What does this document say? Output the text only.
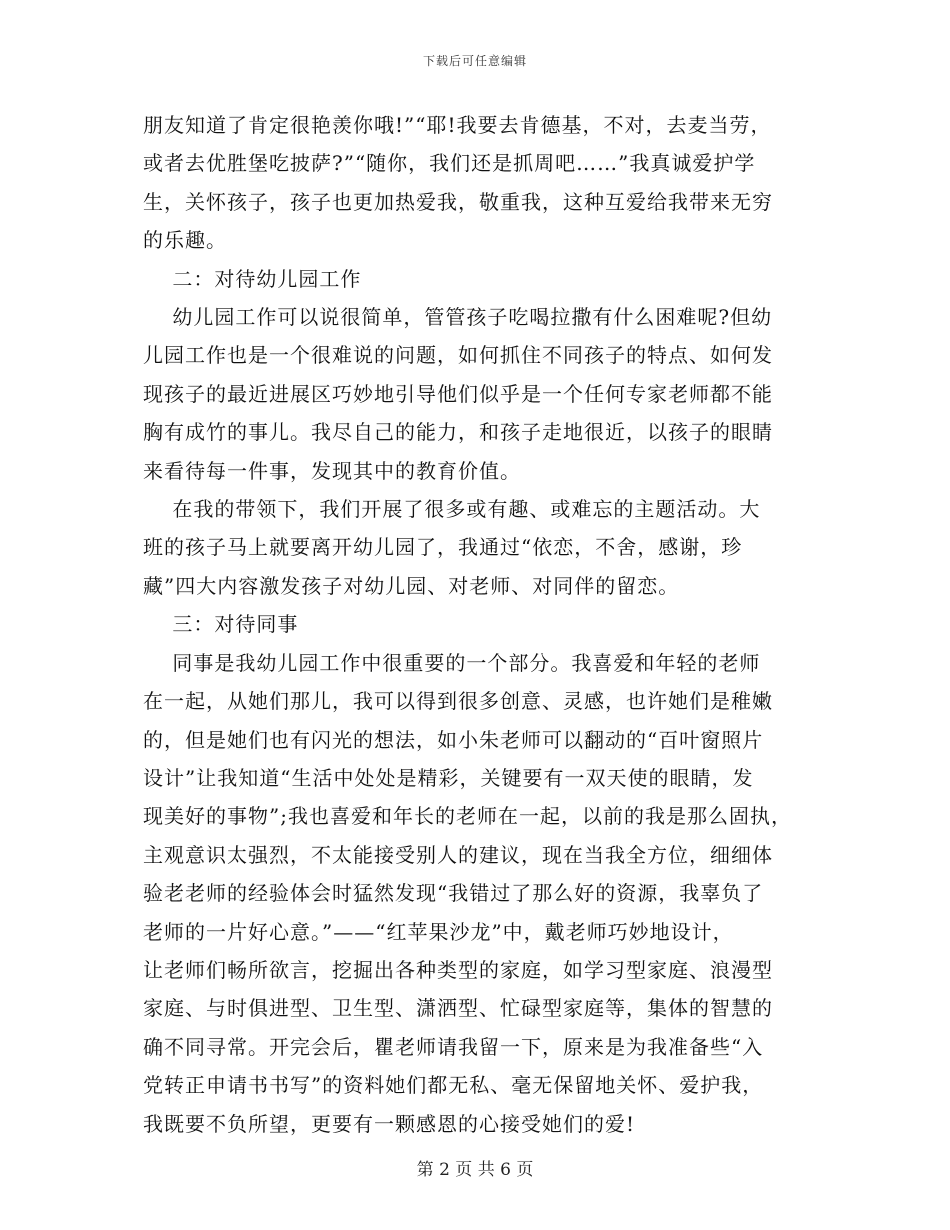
下载后可任意编辑

朋友知道了肯定很艳羡你哦!”“耶!我要去肯德基，不对，去麦当劳，

或者去优胜堡吃披萨?”“随你，我们还是抓周吧……”我真诚爱护学

生，关怀孩子，孩子也更加热爱我，敬重我，这种互爱给我带来无穷

的乐趣。

二：对待幼儿园工作

幼儿园工作可以说很简单，管管孩子吃喝拉撒有什么困难呢?但幼

儿园工作也是一个很难说的问题，如何抓住不同孩子的特点、如何发

现孩子的最近进展区巧妙地引导他们似乎是一个任何专家老师都不能

胸有成竹的事儿。我尽自己的能力，和孩子走地很近，以孩子的眼睛

来看待每一件事，发现其中的教育价值。

在我的带领下，我们开展了很多或有趣、或难忘的主题活动。大

班的孩子马上就要离开幼儿园了，我通过“依恋，不舍，感谢，珍

藏”四大内容激发孩子对幼儿园、对老师、对同伴的留恋。

三：对待同事

同事是我幼儿园工作中很重要的一个部分。我喜爱和年轻的老师

在一起，从她们那儿，我可以得到很多创意、灵感，也许她们是稚嫩

的，但是她们也有闪光的想法，如小朱老师可以翻动的“百叶窗照片

设计”让我知道“生活中处处是精彩，关键要有一双天使的眼睛，发

现美好的事物”;我也喜爱和年长的老师在一起，以前的我是那么固执，

主观意识太强烈，不太能接受别人的建议，现在当我全方位，细细体

验老老师的经验体会时猛然发现“我错过了那么好的资源，我辜负了

老师的一片好心意。”——“红苹果沙龙”中，戴老师巧妙地设计，

让老师们畅所欲言，挖掘出各种类型的家庭，如学习型家庭、浪漫型

家庭、与时俱进型、卫生型、潇洒型、忙碌型家庭等，集体的智慧的

确不同寻常。开完会后，瞿老师请我留一下，原来是为我准备些“入

党转正申请书书写”的资料她们都无私、毫无保留地关怀、爱护我，

我既要不负所望，更要有一颗感恩的心接受她们的爱!

第 2 页 共 6 页
